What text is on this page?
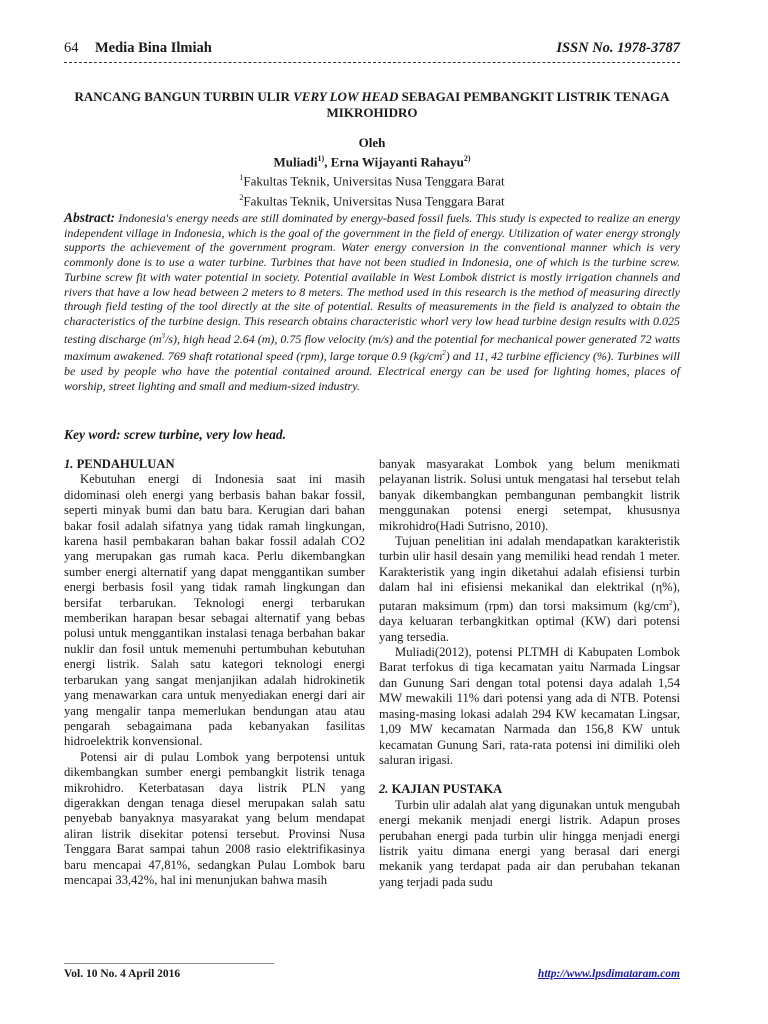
64 Media Bina Ilmiah	ISSN No. 1978-3787
RANCANG BANGUN TURBIN ULIR VERY LOW HEAD SEBAGAI PEMBANGKIT LISTRIK TENAGA MIKROHIDRO
Oleh
Muliadi$^{1)}$, Erna Wijayanti Rahayu$^{2)}$
$^1$Fakultas Teknik, Universitas Nusa Tenggara Barat
$^2$Fakultas Teknik, Universitas Nusa Tenggara Barat
Abstract: Indonesia's energy needs are still dominated by energy-based fossil fuels. This study is expected to realize an energy independent village in Indonesia, which is the goal of the government in the field of energy. Utilization of water energy strongly supports the achievement of the government program. Water energy conversion in the conventional manner which is very commonly done is to use a water turbine. Turbines that have not been studied in Indonesia, one of which is the turbine screw. Turbine screw fit with water potential in society. Potential available in West Lombok district is mostly irrigation channels and rivers that have a low head between 2 meters to 8 meters. The method used in this research is the method of measuring directly through field testing of the tool directly at the site of potential. Results of measurements in the field is analyzed to obtain the characteristics of the turbine design. This research obtains characteristic whorl very low head turbine design results with 0.025 testing discharge $(m^3/s)$, high head 2.64 (m), 0.75 flow velocity (m/s) and the potential for mechanical power generated 72 watts maximum awakened. 769 shaft rotational speed (rpm), large torque 0.9 $(kg/cm^2)$ and 11, 42 turbine efficiency (%). Turbines will be used by people who have the potential contained around. Electrical energy can be used for lighting homes, places of worship, street lighting and small and medium-sized industry.
Key word: screw turbine, very low head.
1. PENDAHULUAN

Kebutuhan energi di Indonesia saat ini masih didominasi oleh energi yang berbasis bahan bakar fossil, seperti minyak bumi dan batu bara. Kerugian dari bahan bakar fosil adalah sifatnya yang tidak ramah lingkungan, karena hasil pembakaran bahan bakar fossil adalah CO2 yang merupakan gas rumah kaca. Perlu dikembangkan sumber energi alternatif yang dapat menggantikan sumber energi berbasis fosil yang tidak ramah lingkungan dan bersifat terbarukan. Teknologi energi terbarukan memberikan harapan besar sebagai alternatif yang bebas polusi untuk menggantikan instalasi tenaga berbahan bakar nuklir dan fosil untuk memenuhi pertumbuhan kebutuhan energi listrik. Salah satu kategori teknologi energi terbarukan yang sangat menjanjikan adalah hidrokinetik yang menawarkan cara untuk menyediakan energi dari air yang mengalir tanpa memerlukan bendungan atau atau pengarah sebagaimana pada kebanyakan fasilitas hidroelektrik konvensional.

Potensi air di pulau Lombok yang berpotensi untuk dikembangkan sumber energi pembangkit listrik tenaga mikrohidro. Keterbatasan daya listrik PLN yang digerakkan dengan tenaga diesel merupakan salah satu penyebab banyaknya masyarakat yang belum mendapat aliran listrik disekitar potensi tersebut. Provinsi Nusa Tenggara Barat sampai tahun 2008 rasio elektrifikasinya baru mencapai 47,81%, sedangkan Pulau Lombok baru mencapai 33,42%, hal ini menunjukan bahwa masih

banyak masyarakat Lombok yang belum menikmati pelayanan listrik. Solusi untuk mengatasi hal tersebut telah banyak dikembangkan pembangunan pembangkit listrik menggunakan potensi energi setempat, khususnya mikrohidro(Hadi Sutrisno, 2010).

Tujuan penelitian ini adalah mendapatkan karakteristik turbin ulir hasil desain yang memiliki head rendah 1 meter. Karakteristik yang ingin diketahui adalah efisiensi turbin dalam hal ini efisiensi mekanikal dan elektrikal (η%), putaran maksimum (rpm) dan torsi maksimum $(kg/cm^2)$, daya keluaran terbangkitkan optimal (KW) dari potensi yang tersedia.

Muliadi(2012), potensi PLTMH di Kabupaten Lombok Barat terfokus di tiga kecamatan yaitu Narmada Lingsar dan Gunung Sari dengan total potensi daya adalah 1,54 MW mewakili 11% dari potensi yang ada di NTB. Potensi masing-masing lokasi adalah 294 KW kecamatan Lingsar, 1,09 MW kecamatan Narmada dan 156,8 KW untuk kecamatan Gunung Sari, rata-rata potensi ini dimiliki oleh saluran irigasi.

2. KAJIAN PUSTAKA

Turbin ulir adalah alat yang digunakan untuk mengubah energi mekanik menjadi energi listrik. Adapun proses perubahan energi pada turbin ulir hingga menjadi energi listrik yaitu dimana energi yang berasal dari energi mekanik yang terdapat pada air dan perubahan tekanan yang terjadi pada sudu

Vol. 10 No. 4 April 2016	http://www.lpsdimataram.com
